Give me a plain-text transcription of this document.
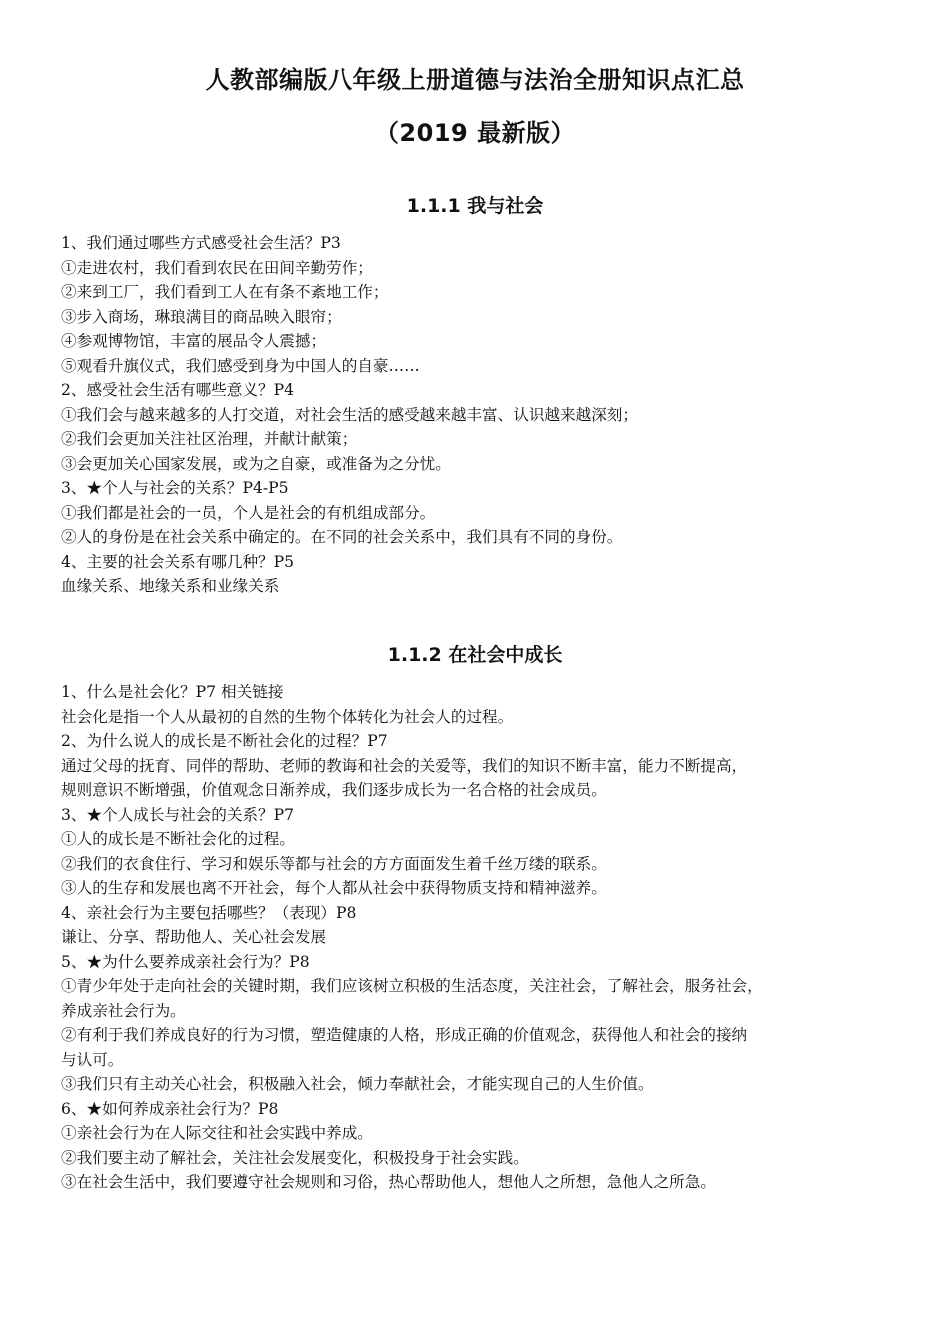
人教部编版八年级上册道德与法治全册知识点汇总
（2019 最新版）
1.1.1 我与社会
1、我们通过哪些方式感受社会生活？P3
①走进农村，我们看到农民在田间辛勤劳作；
②来到工厂，我们看到工人在有条不紊地工作；
③步入商场，琳琅满目的商品映入眼帘；
④参观博物馆，丰富的展品令人震撼；
⑤观看升旗仪式，我们感受到身为中国人的自豪……
2、感受社会生活有哪些意义？P4
①我们会与越来越多的人打交道，对社会生活的感受越来越丰富、认识越来越深刻；
②我们会更加关注社区治理，并献计献策；
③会更加关心国家发展，或为之自豪，或准备为之分忧。
3、★个人与社会的关系？P4-P5
①我们都是社会的一员，个人是社会的有机组成部分。
②人的身份是在社会关系中确定的。在不同的社会关系中，我们具有不同的身份。
4、主要的社会关系有哪几种？P5
血缘关系、地缘关系和业缘关系
1.1.2 在社会中成长
1、什么是社会化？P7 相关链接
社会化是指一个人从最初的自然的生物个体转化为社会人的过程。
2、为什么说人的成长是不断社会化的过程？P7
通过父母的抚育、同伴的帮助、老师的教诲和社会的关爱等，我们的知识不断丰富，能力不断提高，
规则意识不断增强，价值观念日渐养成，我们逐步成长为一名合格的社会成员。
3、★个人成长与社会的关系？P7
①人的成长是不断社会化的过程。
②我们的衣食住行、学习和娱乐等都与社会的方方面面发生着千丝万缕的联系。
③人的生存和发展也离不开社会，每个人都从社会中获得物质支持和精神滋养。
4、亲社会行为主要包括哪些？（表现）P8
谦让、分享、帮助他人、关心社会发展
5、★为什么要养成亲社会行为？P8
①青少年处于走向社会的关键时期，我们应该树立积极的生活态度，关注社会，了解社会，服务社会，
养成亲社会行为。
②有利于我们养成良好的行为习惯，塑造健康的人格，形成正确的价值观念，获得他人和社会的接纳
与认可。
③我们只有主动关心社会，积极融入社会，倾力奉献社会，才能实现自己的人生价值。
6、★如何养成亲社会行为？P8
①亲社会行为在人际交往和社会实践中养成。
②我们要主动了解社会，关注社会发展变化，积极投身于社会实践。
③在社会生活中，我们要遵守社会规则和习俗，热心帮助他人，想他人之所想，急他人之所急。
